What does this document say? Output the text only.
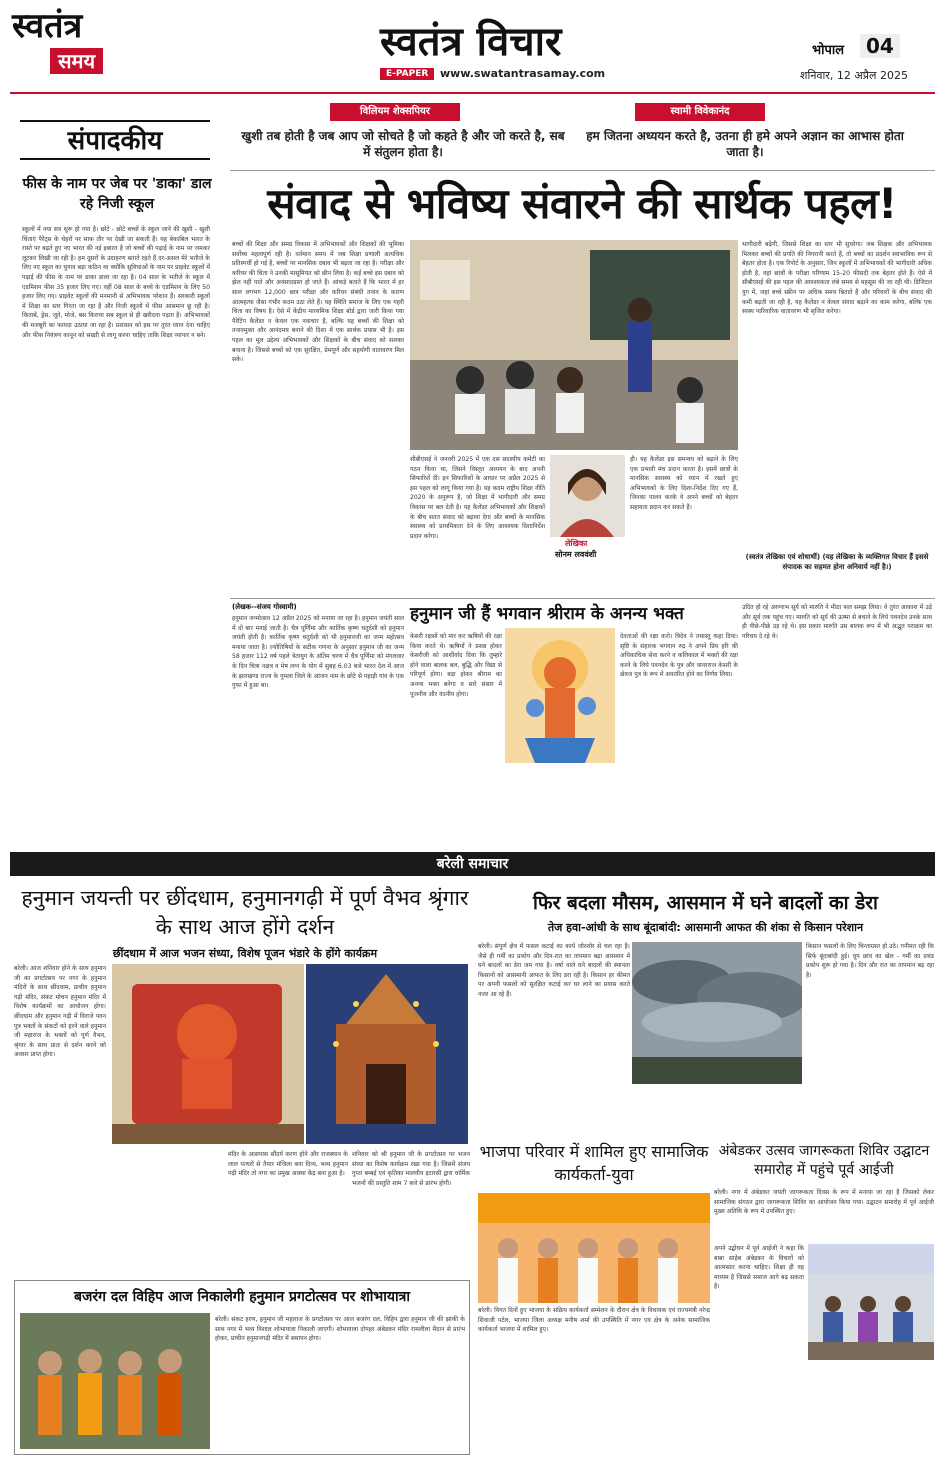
स्वतंत्र
समय	स्वतंत्र विचार
E-PAPER	www.swatantrasamay.com
भोपाल	04
शनिवार, 12 अप्रैल 2025
संपादकीय
फीस के नाम पर जेब पर 'डाका' डाल रहे निजी स्कूल
स्कूलों में नया सत्र शुरू हो गया है। छोटे - छोटे बच्चों के स्कूल जाने की खुशी - खुशी चिंताएं पैरेंट्स के चेहरों पर साफ़ तौर पर देखी जा सकती हैं। यह बेकाबिल भारत के रास्ते पर बढ़ते हुए नए भारत की नई इबारत है जो बच्चों की पढ़ाई के नाम पर जमकर लूटकर लिखी जा रही है। हम दूसरों के उदाहरण बताते रहते हैं दर-असल मेरे भतीजे के लिए नए स्कूल का चुनाव बड़ा कठिन था क्योंकि सुविधाओं के नाम पर प्राइवेट स्कूलों में पढ़ाई की फीस के नाम पर डाका डाला जा रहा है। 04 साल के भतीजे के स्कूल में एडमिशन फीस 35 हजार लिए गए। वहीं 08 साल के बच्चे के एडमिशन के लिए 50 हजार लिए गए। प्राइवेट स्कूलों की मनमानी से अभिभावक परेशान हैं। सरकारी स्कूलों में शिक्षा का स्तर गिरता जा रहा है और निजी स्कूलों में फीस आसमान छू रही है। किताबें, ड्रेस, जूते, मोजे, बस किराया सब स्कूल से ही खरीदना पड़ता है। अभिभावकों की मजबूरी का फायदा उठाया जा रहा है। प्रशासन को इस पर तुरंत ध्यान देना चाहिए और फीस नियंत्रण कानून को सख्ती से लागू करना चाहिए ताकि शिक्षा व्यापार न बने।
विलियम शेक्सपियर
खुशी तब होती है जब आप जो सोचते है जो कहते है और जो करते है, सब में संतुलन होता है।
स्वामी विवेकानंद
हम जितना अध्ययन करते है, उतना ही हमे अपने अज्ञान का आभास होता जाता है।
संवाद से भविष्य संवारने की सार्थक पहल!
बच्चों की शिक्षा और समग्र विकास में अभिभावकों और शिक्षकों की भूमिका सर्वोच्च महत्वपूर्ण रही है। वर्तमान समय में जब शिक्षा प्रणाली अत्यधिक प्रतिस्पर्धी हो गई है, बच्चों पर मानसिक दबाव भी बढ़ता जा रहा है। परीक्षा और करियर की चिंता ने उनकी मासूमियत को छीन लिया है। कई बच्चे इस दबाव को झेल नहीं पाते और अवसादग्रस्त हो जाते हैं। आंकड़े बताते हैं कि भारत में हर साल लगभग 12,000 छात्र परीक्षा और करियर संबंधी तनाव के कारण आत्महत्या जैसा गंभीर कदम उठा लेते हैं। यह स्थिति समाज के लिए एक गहरी चिंता का विषय है। ऐसे में केंद्रीय माध्यमिक शिक्षा बोर्ड द्वारा जारी किया गया पैरेंटिंग कैलेंडर न केवल एक नवाचार है, बल्कि यह बच्चों की शिक्षा को तनावमुक्त और आनंदमय बनाने की दिशा में एक सार्थक प्रयास भी है। इस पहल का मूल उद्देश्य अभिभावकों और शिक्षकों के बीच संवाद को सशक्त बनाना है। जिससे बच्चों को एक सुरक्षित, प्रेमपूर्ण और सहयोगी वातावरण मिल सके।
सीबीएसई ने जनवरी 2025 में एक दस सदस्यीय कमेटी का गठन किया था, जिसने विस्तृत अध्ययन के बाद अपनी सिफारिशें दीं। इन सिफारिशों के आधार पर अप्रैल 2025 से इस पहल को लागू किया गया है। यह कदम राष्ट्रीय शिक्षा नीति 2020 के अनुरूप है, जो शिक्षा में भागीदारी और समग्र विकास पर बल देती है। यह कैलेंडर अभिभावकों और शिक्षकों के बीच सतत संवाद को बढ़ावा देगा और बच्चों के मानसिक स्वास्थ्य को प्राथमिकता देने के लिए आवश्यक दिशानिर्देश प्रदान करेगा।
लेखिका
सोनम लववंशी
ही। यह कैलेंडर इस समन्वय को बढ़ाने के लिए एक प्रभावी मंच प्रदान करता है। इसमें छात्रों के मानसिक स्वास्थ्य को ध्यान में रखते हुए अभिभावकों के लिए दिशा-निर्देश दिए गए हैं, जिनका पालन करके वे अपने बच्चों को बेहतर सहायता प्रदान कर सकते हैं।
भागीदारी बढ़ेगी, जिससे शिक्षा का स्तर भी सुधरेगा। जब शिक्षक और अभिभावक मिलकर बच्चों की प्रगति की निगरानी करते हैं, तो बच्चों का प्रदर्शन स्वाभाविक रूप से बेहतर होता है। एक रिपोर्ट के अनुसार, जिन स्कूलों में अभिभावकों की भागीदारी अधिक होती है, वहां छात्रों के परीक्षा परिणाम 15-20 फीसदी तक बेहतर होते हैं। ऐसे में सीबीएसई की इस पहल की आवश्यकता लंबे समय से महसूस की जा रही थी। डिजिटल युग में, जहां बच्चे स्क्रीन पर अधिक समय बिताते हैं और परिवारों के बीच संवाद की कमी बढ़ती जा रही है, यह कैलेंडर न केवल संवाद बढ़ाने का काम करेगा, बल्कि एक स्वस्थ पारिवारिक वातावरण भी सृजित करेगा।
(स्वतंत्र लेखिका एवं शोधार्थी) (यह लेखिका के व्यक्तिगत विचार हैं इससे संपादक का सहमत होना अनिवार्य नहीं है।)
(लेखक--संजय गोस्वामी)
हनुमान जन्मोत्सव 12 अप्रैल 2025 को मनाया जा रहा है। हनुमान जयंती साल में दो बार मनाई जाती है। चैत्र पूर्णिमा और कार्तिक कृष्ण चतुर्दशी को हनुमान जयंती होती है। कार्तिक कृष्ण चतुर्दशी को भी हनुमानजी का जन्म महोत्सव मनाया जाता है। ज्योतिषियों के सटीक गणना के अनुसार हनुमान जी का जन्म 58 हजार 112 वर्ष पहले त्रेतायुग के अंतिम चरण में चैत्र पूर्णिमा को मंगलवार के दिन चित्रा नक्षत्र व मेष लग्न के योग में सुबह 6.03 बजे भारत देश में आज के झारखण्ड राज्य के गुमला जिले के आंजन नाम के छोटे से पहाड़ी गांव के एक गुफा में हुआ था।
हनुमान जी हैं भगवान श्रीराम के अनन्य भक्त
केसरी रक्षसों को मार कर ऋषियों की रक्षा किया करते थे। ऋषियों ने प्रसन्न होकर केसरीजी को आशीर्वाद दिया कि तुम्हारे होने वाला बालक बल, बुद्धि और विद्या से परिपूर्ण होगा। बड़ा होकर श्रीराम का अनन्य भक्त बनेगा व सारे संसार में पूजनीय और वंदनीय होगा।
देवताओं की रक्षा करो। त्रिदेव ने तथास्तु कहा दिया। सृष्टि के संहारक भगवान रुद्र ने अपने प्रिय हरि की अधिकाधिक सेवा करने व कलिकाल में भक्तों की रक्षा करने के लिये पवनदेव के पुत्र और वानरराज केसरी के क्षेत्रज पुत्र के रूप में अवतरित होने का निर्णय लिया।
उदित हो रहे अरुणाभ सूर्य को मारुति ने मीठा फल समझ लिया। वे तुरंत आकाश में उड़े और सूर्य तक पहुंच गए। मारुति को सूर्य की ऊष्मा से बचाने के लिये पवनदेव उनके साथ ही पीछे-पीछे उड़ रहे थे। इस प्रकार मारुति उस बालक रूप में भी अद्भुत पराक्रम का परिचय दे रहे थे।
बरेली समाचार
हनुमान जयन्ती पर छींदधाम, हनुमानगढ़ी में पूर्ण वैभव श्रृंगार के साथ आज होंगे दर्शन
छींदधाम में आज भजन संध्या, विशेष पूजन भंडारे के होंगे कार्यक्रम
बरेली। आज शनिवार होने के साथ हनुमान जी का प्रगटोत्सव पर नगर के हनुमान मंदिरों के साथ छींदधाम, प्राचीन हनुमान गढ़ी मंदिर, संकट मोचन हनुमान मंदिर में विशेष कार्यक्रमों का आयोजन होगा। छींदधाम और हनुमान गढ़ी में विराजे पवन पुत्र भक्तों के संकटों को हरने वाले हनुमान जी महाराज के भक्तों को पूर्ण वैभव, श्रृंगार के साथ प्रातः से दर्शन करने को अवसर प्राप्त होगा।
मंदिर के आसपास सौंदर्य करण होने और राजस्थान के लाल पत्थरों से तैयार मंजिला बना दिव्य, भव्य हनुमान गढ़ी मंदिर तो नगर का प्रमुख आस्था केंद्र बना हुआ है।
शनिवार को श्री हनुमान जी के प्रगटोत्सव पर भजन संध्या का विशेष कार्यक्रम रखा गया है। जिसमें संजय गुप्ता बम्बई एवं कृतिका मालवीय इटारसी द्वारा धार्मिक भजनों की प्रस्तुति शाम 7 बजे से प्रारंभ होगी।
बजरंग दल विहिप आज निकालेगी हनुमान प्रगटोत्सव पर शोभायात्रा
बरेली। संकट हरण, हनुमान जी महाराज के प्रगटोत्सव पर आज बजरंग दल, विहिप द्वारा हनुमान जी की झांकी के साथ नगर में भव्य विशाल शोभायात्रा निकाली जाएगी। शोभायात्रा दोपहर अंबेडकर मंदिर रामलीला मैदान से प्रारंभ होकर, प्राचीन हनुमानगढ़ी मंदिर में समापन होगा।
फिर बदला मौसम, आसमान में घने बादलों का डेरा
तेज हवा-आंधी के साथ बूंदाबांदी: आसमानी आफत की शंका से किसान परेशान
बरेली। संपूर्ण क्षेत्र में फसल कटाई का कार्य जोरशोर से चल रहा है। जैसे ही गर्मी का प्रकोप और दिन-रात का तापमान बढ़ा आसमान में घने बादलों का डेरा जम गया है। वर्षा वाले घने बादलों की स्थानता किसानों को आसमानी आफत के लिए डरा रही है। किसान हर कीमत पर अपनी फसलों को सुरक्षित कटाई कर घर लाने का प्रयास करते नजर आ रहे हैं।
किसान फसलों के लिए चिन्ताग्रस्त हो उठे। गनीमत रही कि सिर्फ बूंदाबांदी हुई। धूप छांव का खेल - गर्मी का प्रचंड प्रकोप शुरू हो गया है। दिन और रात का तापमान बढ़ रहा है।
भाजपा परिवार में शामिल हुए सामाजिक कार्यकर्ता-युवा
बरेली। विगत दिनों हुए भाजपा के सक्रिय कार्यकर्ता सम्मेलन के दौरान क्षेत्र के विधायक एवं राज्यमंत्री नरेन्द्र शिवाजी पटेल, भाजपा जिला अध्यक्ष मनीष शर्मा की उपस्थिति में नगर एवं क्षेत्र के अनेक सामाजिक कार्यकर्ता भाजपा में शामिल हुए।
अंबेडकर उत्सव जागरूकता शिविर उद्घाटन समारोह में पहुंचे पूर्व आईजी
बरेली। नगर में अंबेडकर जयंती जागरूकता दिवस के रूप में मनाया जा रहा है जिसको लेकर सामाजिक संगठन द्वारा जागरूकता शिविर का आयोजन किया गया। उद्घाटन समारोह में पूर्व आईजी मुख्य अतिथि के रूप में उपस्थित हुए।
अपने उद्बोधन में पूर्व आईजी ने कहा कि बाबा साहेब अंबेडकर के विचारों को आत्मसात करना चाहिए। शिक्षा ही वह माध्यम है जिससे समाज आगे बढ़ सकता है।
